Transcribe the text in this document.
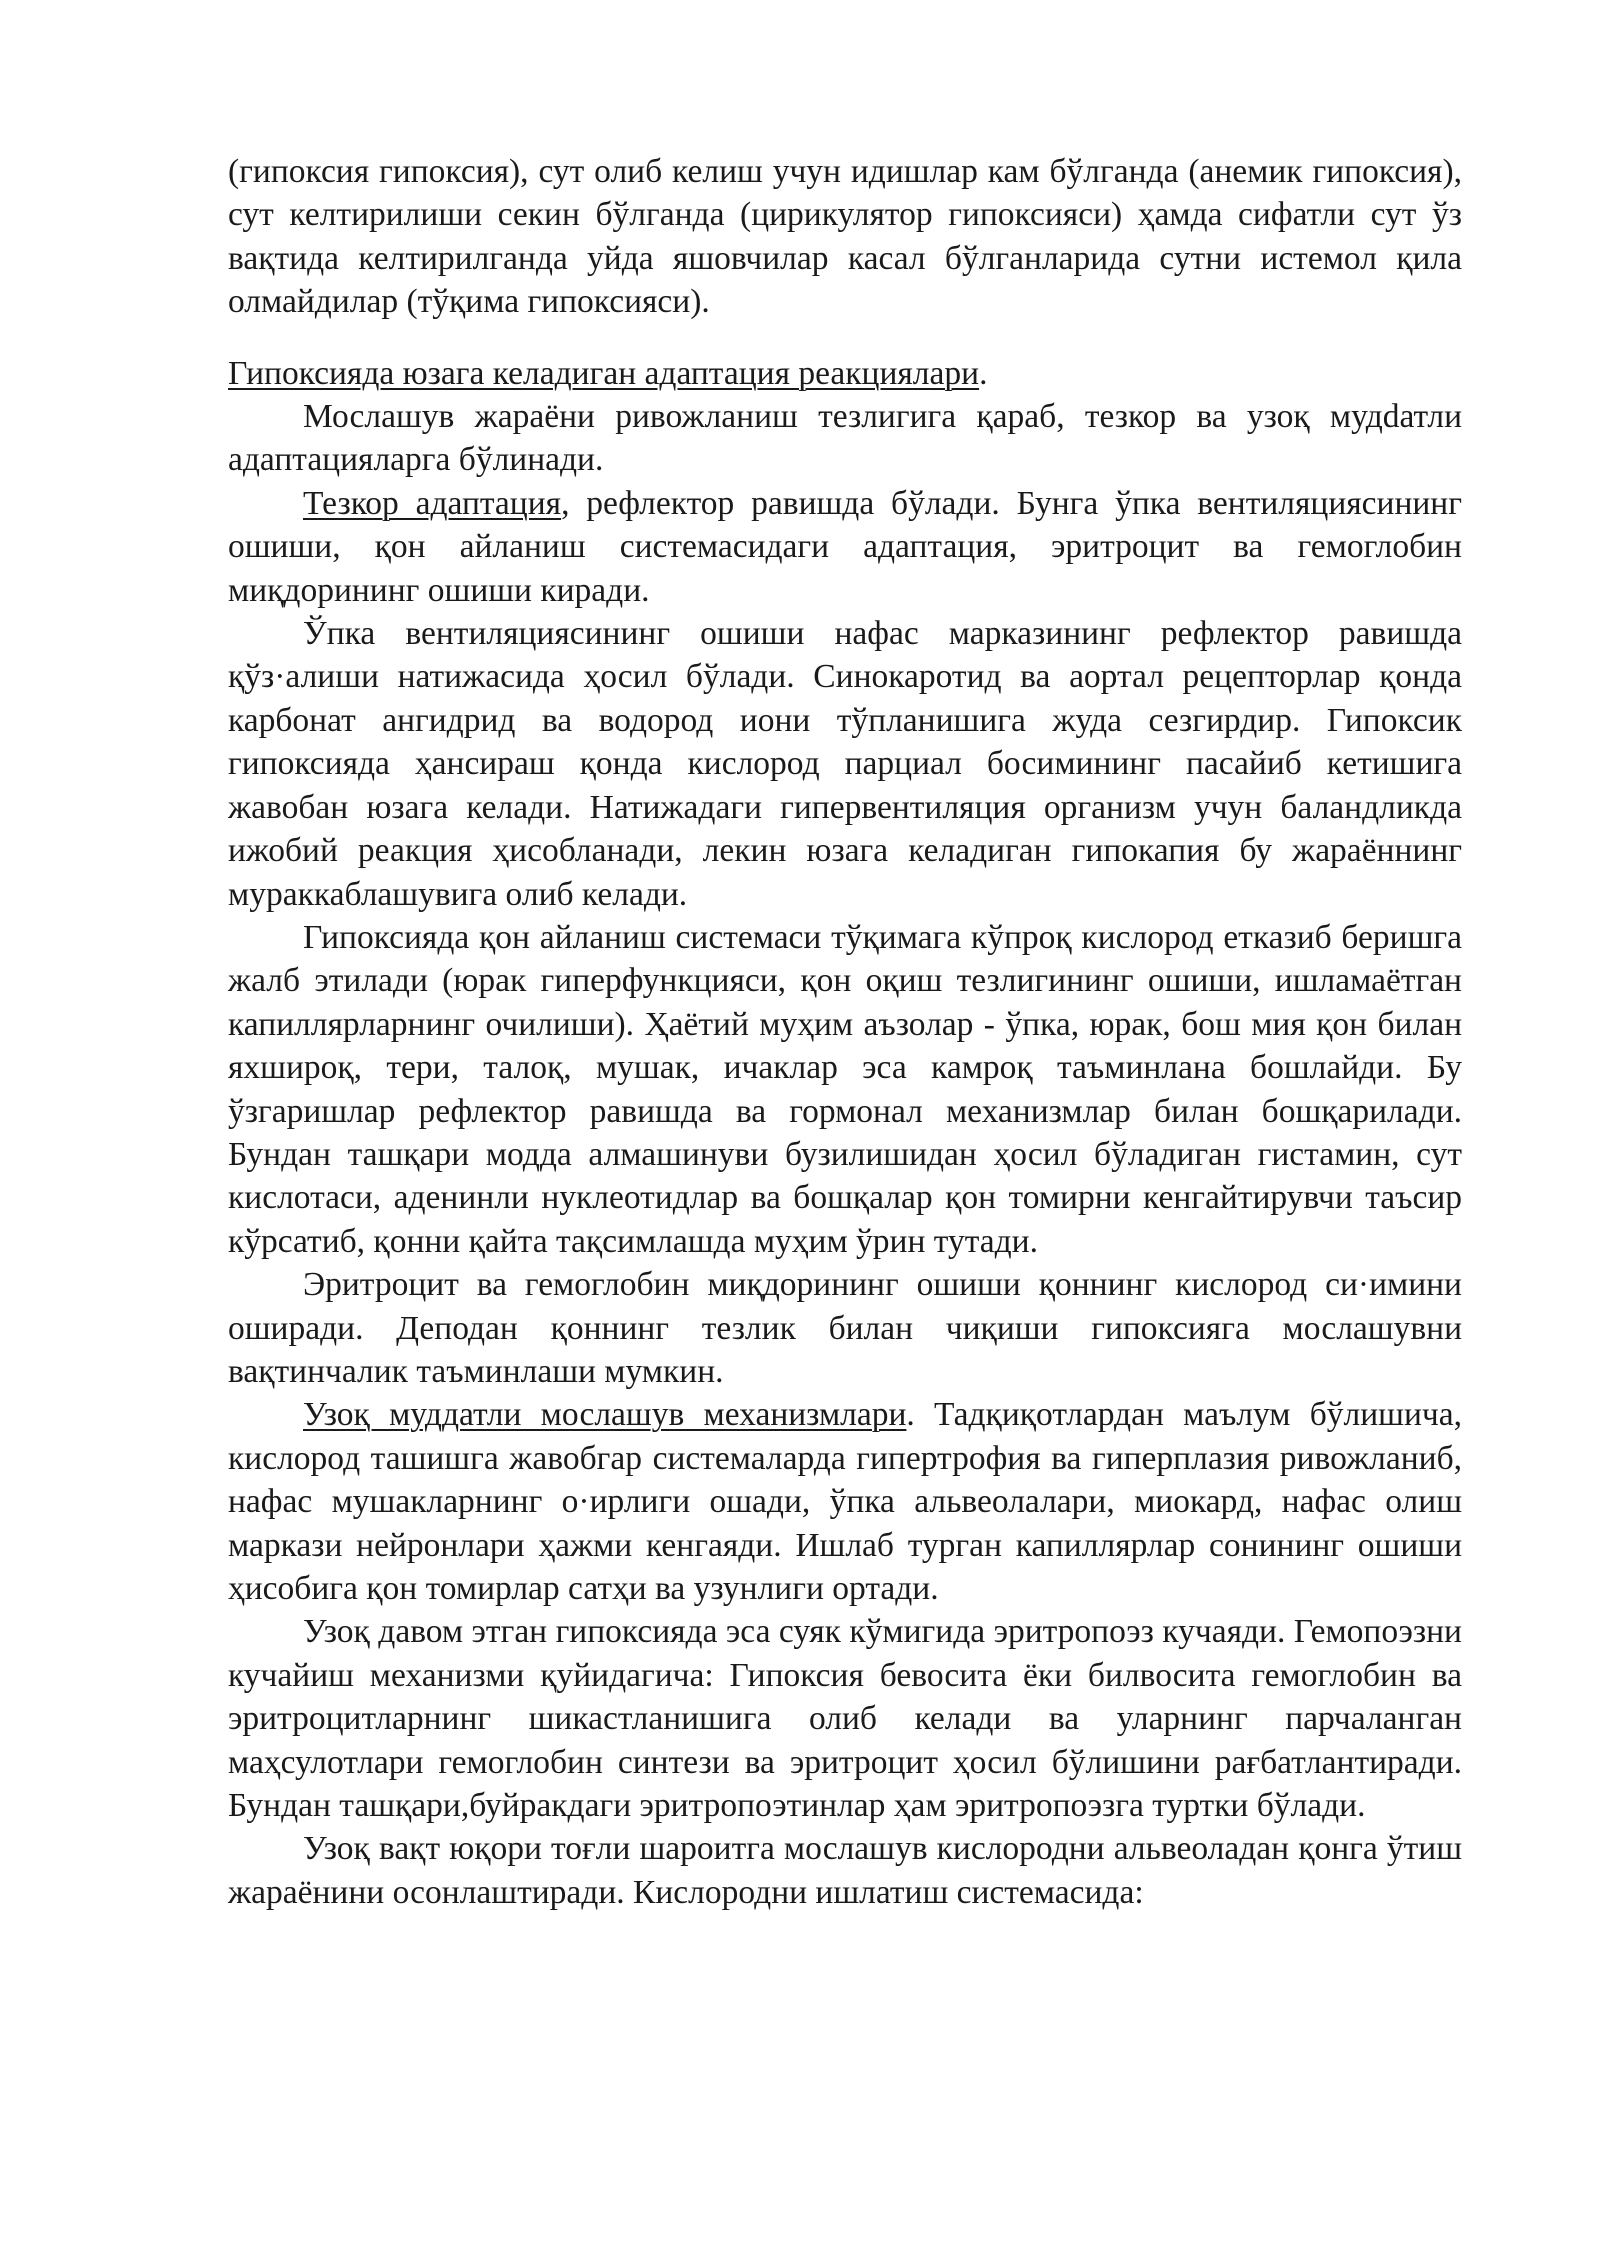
(гипоксия гипоксия), сут олиб келиш учун идишлар кам бўлганда (анемик гипоксия), сут келтирилиши секин бўлганда (цирикулятор гипоксияси) ҳамда сифатли сут ўз вақтида келтирилганда уйда яшовчилар касал бўлганларида сутни истемол қила олмайдилар (тўқима гипоксияси).

Гипоксияда юзага келадиган адаптация реакциялари.

Мослашув жараёни ривожланиш тезлигига қараб, тезкор ва узоқ мудdатли адаптацияларга бўлинади.

Тезкор адаптация, рефлектор равишда бўлади. Бунга ўпка вентиляциясининг ошиши, қон айланиш системасидаги адаптация, эритроцит ва гемоглобин миқдорининг ошиши киради.

Ўпка вентиляциясининг ошиши нафас марказининг рефлектор равишда қўз·алиши натижасида ҳосил бўлади. Синокаротид ва аортал рецепторлар қонда карбонат ангидрид ва водород иони тўпланишига жуда сезгирдир. Гипоксик гипоксияда ҳансираш қонда кислород парциал босимининг пасайиб кетишига жавобан юзага келади. Натижадаги гипервентиляция организм учун баландликда ижобий реакция ҳисобланади, лекин юзага келадиган гипокапия бу жараённинг мураккаблашувига олиб келади.

Гипоксияда қон айланиш системаси тўқимага кўпроқ кислород етказиб беришга жалб этилади (юрак гиперфункцияси, қон оқиш тезлигининг ошиши, ишламаётган капиллярларнинг очилиши). Ҳаётий муҳим аъзолар - ўпка, юрак, бош мия қон билан яхшироқ, тери, талоқ, мушак, ичаклар эса камроқ таъминлана бошлайди. Бу ўзгаришлар рефлектор равишда ва гормонал механизмлар билан бошқарилади. Бундан ташқари модда алмашинуви бузилишидан ҳосил бўладиган гистамин, сут кислотаси, аденинли нуклеотидлар ва бошқалар қон томирни кенгайтирувчи таъсир кўрсатиб, қонни қайта тақсимлашда муҳим ўрин тутади.

Эритроцит ва гемоглобин миқдорининг ошиши қоннинг кислород си·имини оширади. Деподан қоннинг тезлик билан чиқиши гипоксияга мослашувни вақтинчалик таъминлаши мумкин.

Узоқ муддатли мослашув механизмлари. Тадқиқотлардан маълум бўлишича, кислород ташишга жавобгар системаларда гипертрофия ва гиперплазия ривожланиб, нафас мушакларнинг о·ирлиги ошади, ўпка альвеолалари, миокард, нафас олиш маркази нейронлари ҳажми кенгаяди. Ишлаб турган капиллярлар сонининг ошиши ҳисобига қон томирлар сатҳи ва узунлиги ортади.

Узоқ давом этган гипоксияда эса суяк кўмигида эритропоэз кучаяди. Гемопоэзни кучайиш механизми қуйидагича: Гипоксия бевосита ёки билвосита гемоглобин ва эритроцитларнинг шикастланишига олиб келади ва уларнинг парчаланган маҳсулотлари гемоглобин синтези ва эритроцит ҳосил бўлишини рағбатлантиради. Бундан ташқари,буйракдаги эритропоэтинлар ҳам эритропоэзга туртки бўлади.

Узоқ вақт юқори тоғли шароитга мослашув кислородни альвеоладан қонга ўтиш жараёнини осонлаштиради. Кислородни ишлатиш системасида:
